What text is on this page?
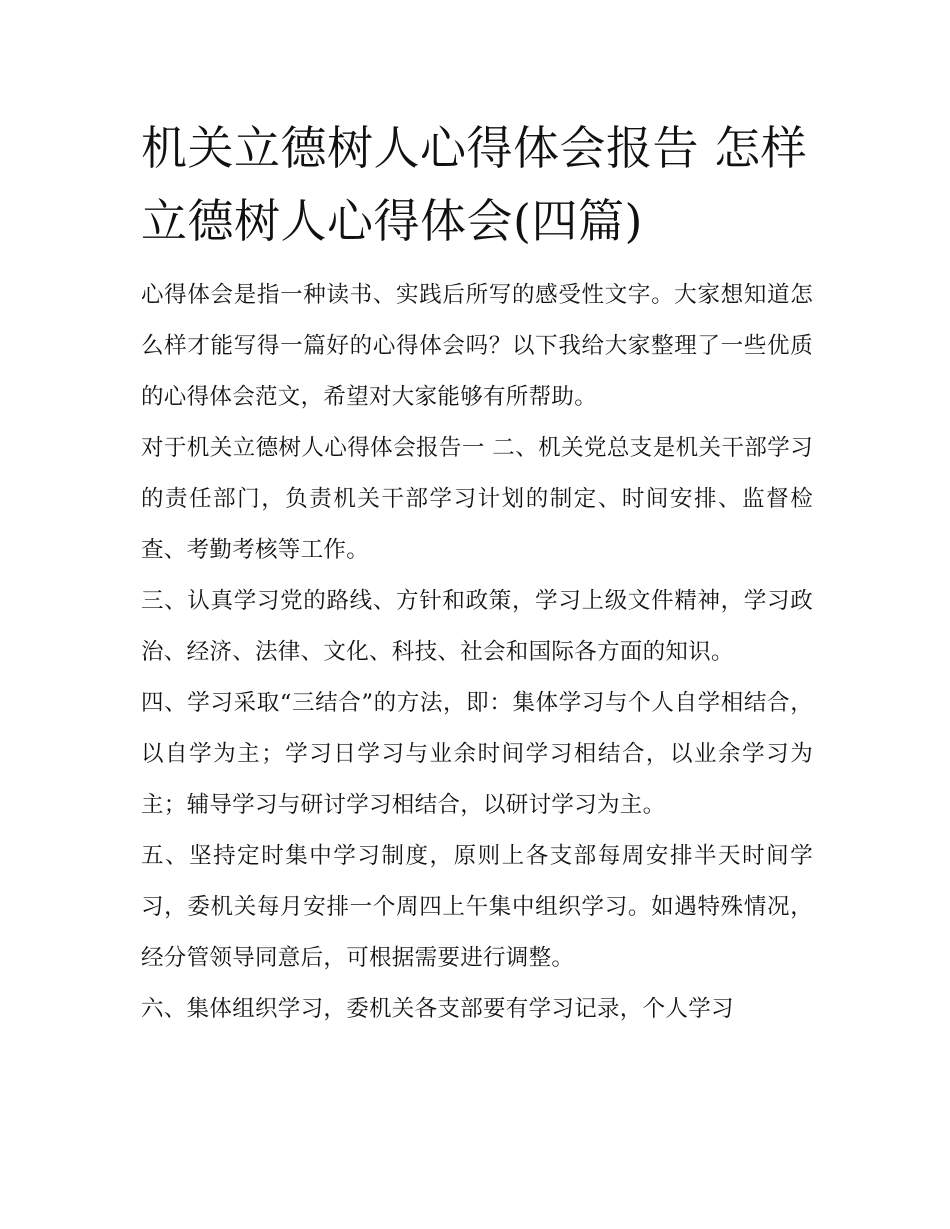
机关立德树人心得体会报告 怎样立德树人心得体会(四篇)

心得体会是指一种读书、实践后所写的感受性文字。大家想知道怎么样才能写得一篇好的心得体会吗？以下我给大家整理了一些优质的心得体会范文，希望对大家能够有所帮助。

对于机关立德树人心得体会报告一 二、机关党总支是机关干部学习的责任部门，负责机关干部学习计划的制定、时间安排、监督检查、考勤考核等工作。

三、认真学习党的路线、方针和政策，学习上级文件精神，学习政治、经济、法律、文化、科技、社会和国际各方面的知识。

四、学习采取“三结合”的方法，即：集体学习与个人自学相结合，以自学为主；学习日学习与业余时间学习相结合，以业余学习为主；辅导学习与研讨学习相结合，以研讨学习为主。

五、坚持定时集中学习制度，原则上各支部每周安排半天时间学习，委机关每月安排一个周四上午集中组织学习。如遇特殊情况，经分管领导同意后，可根据需要进行调整。

六、集体组织学习，委机关各支部要有学习记录，个人学习
